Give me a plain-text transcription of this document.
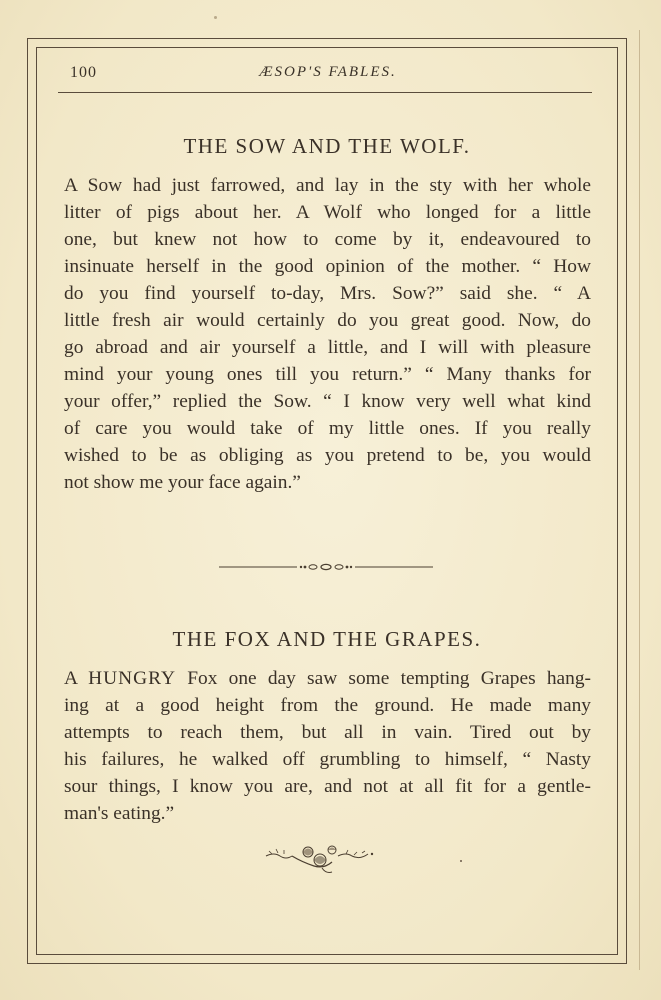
100	ÆSOP'S FABLES.
THE SOW AND THE WOLF.

A Sow had just farrowed, and lay in the sty with her whole
litter of pigs about her. A Wolf who longed for a little
one, but knew not how to come by it, endeavoured to
insinuate herself in the good opinion of the mother. “ How
do you find yourself to-day, Mrs. Sow?” said she. “ A
little fresh air would certainly do you great good. Now, do
go abroad and air yourself a little, and I will with pleasure
mind your young ones till you return.” “ Many thanks for
your offer,” replied the Sow. “ I know very well what kind
of care you would take of my little ones. If you really
wished to be as obliging as you pretend to be, you would
not show me your face again.”

THE FOX AND THE GRAPES.

A HUNGRY Fox one day saw some tempting Grapes hang-
ing at a good height from the ground. He made many
attempts to reach them, but all in vain. Tired out by
his failures, he walked off grumbling to himself, “ Nasty
sour things, I know you are, and not at all fit for a gentle-
man's eating.”
